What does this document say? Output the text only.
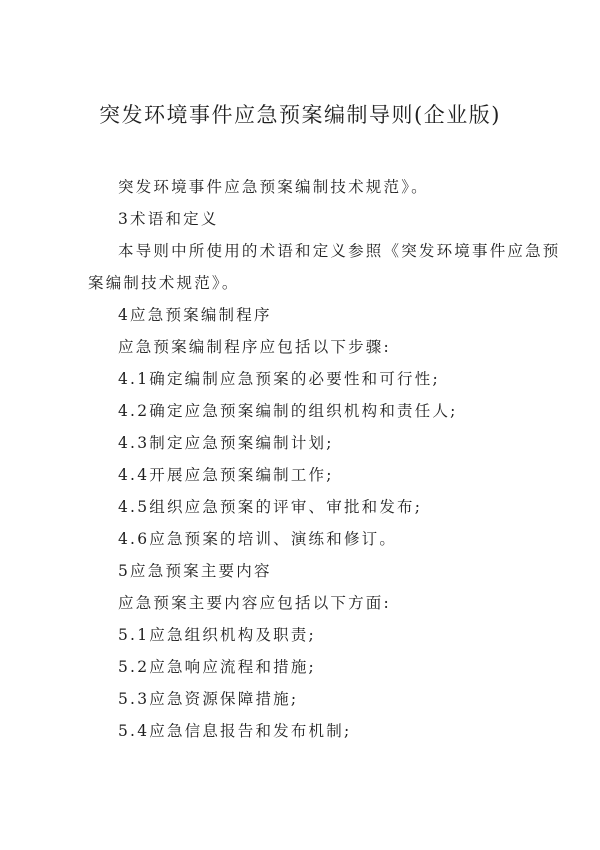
突发环境事件应急预案编制导则(企业版)
突发环境事件应急预案编制技术规范》。
3术语和定义
本导则中所使用的术语和定义参照《突发环境事件应急预
案编制技术规范》。
4应急预案编制程序
应急预案编制程序应包括以下步骤:
4.1确定编制应急预案的必要性和可行性;
4.2确定应急预案编制的组织机构和责任人;
4.3制定应急预案编制计划;
4.4开展应急预案编制工作;
4.5组织应急预案的评审、审批和发布;
4.6应急预案的培训、演练和修订。
5应急预案主要内容
应急预案主要内容应包括以下方面:
5.1应急组织机构及职责;
5.2应急响应流程和措施;
5.3应急资源保障措施;
5.4应急信息报告和发布机制;
